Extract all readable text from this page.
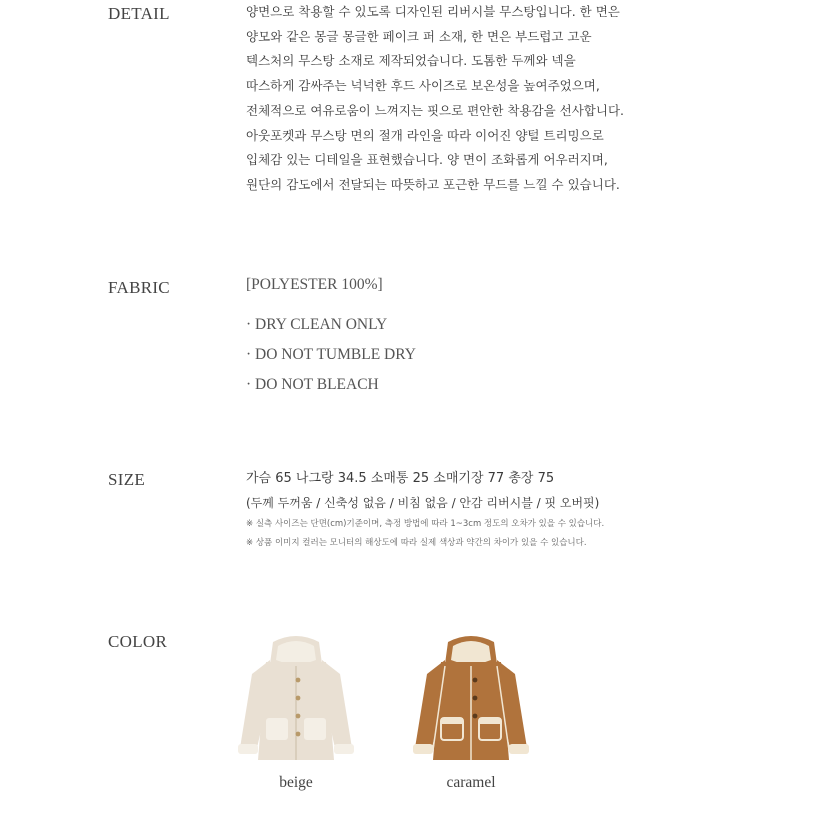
DETAIL	양면으로 착용할 수 있도록 디자인된 리버시블 무스탕입니다. 한 면은
양모와 같은 몽글 몽글한 페이크 퍼 소재, 한 면은 부드럽고 고운
텍스처의 무스탕 소재로 제작되었습니다. 도톰한 두께와 넥을
따스하게 감싸주는 넉넉한 후드 사이즈로 보온성을 높여주었으며,
전체적으로 여유로움이 느껴지는 핏으로 편안한 착용감을 선사합니다.
아웃포켓과 무스탕 면의 절개 라인을 따라 이어진 양털 트리밍으로
입체감 있는 디테일을 표현했습니다. 양 면이 조화롭게 어우러지며,
원단의 감도에서 전달되는 따뜻하고 포근한 무드를 느낄 수 있습니다.
FABRIC	[POLYESTER 100%]
· DRY CLEAN ONLY
· DO NOT TUMBLE DRY
· DO NOT BLEACH
SIZE	가슴 65 나그랑 34.5 소매통 25 소매기장 77 총장 75
(두께 두꺼움 / 신축성 없음 / 비침 없음 / 안감 리버시블 / 핏 오버핏)
※ 실측 사이즈는 단면(cm)기준이며, 측정 방법에 따라 1~3cm 정도의 오차가 있을 수 있습니다.
※ 상품 이미지 컬러는 모니터의 해상도에 따라 실제 색상과 약간의 차이가 있을 수 있습니다.
COLOR
beige	caramel
